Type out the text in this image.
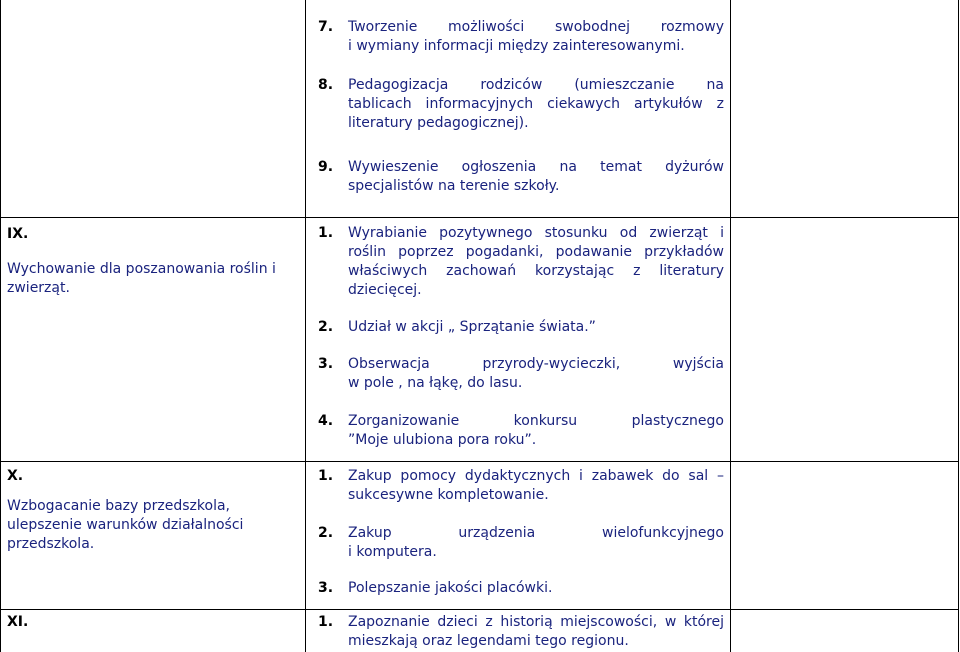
IX.
Wychowanie dla poszanowania roślin i zwierząt.
X.
Wzbogacanie bazy przedszkola, ulepszenie warunków działalności przedszkola.
XI.
7. Tworzenie możliwości swobodnej rozmowy
i wymiany informacji między zainteresowanymi.
8. Pedagogizacja rodziców (umieszczanie na
tablicach informacyjnych ciekawych artykułów z
literatury pedagogicznej).
9. Wywieszenie ogłoszenia na temat dyżurów
specjalistów na terenie szkoły.
1. Wyrabianie pozytywnego stosunku od zwierząt i
roślin poprzez pogadanki, podawanie przykładów
właściwych zachowań korzystając z literatury
dziecięcej.
2. Udział w akcji „ Sprzątanie świata.”
3. Obserwacja przyrody-wycieczki, wyjścia
w pole , na łąkę, do lasu.
4. Zorganizowanie konkursu plastycznego
”Moje ulubiona pora roku”.
1. Zakup pomocy dydaktycznych i zabawek do sal –
sukcesywne kompletowanie.
2. Zakup urządzenia wielofunkcyjnego
i komputera.
3. Polepszanie jakości placówki.
1. Zapoznanie dzieci z historią miejscowości, w której
mieszkają oraz legendami tego regionu.
